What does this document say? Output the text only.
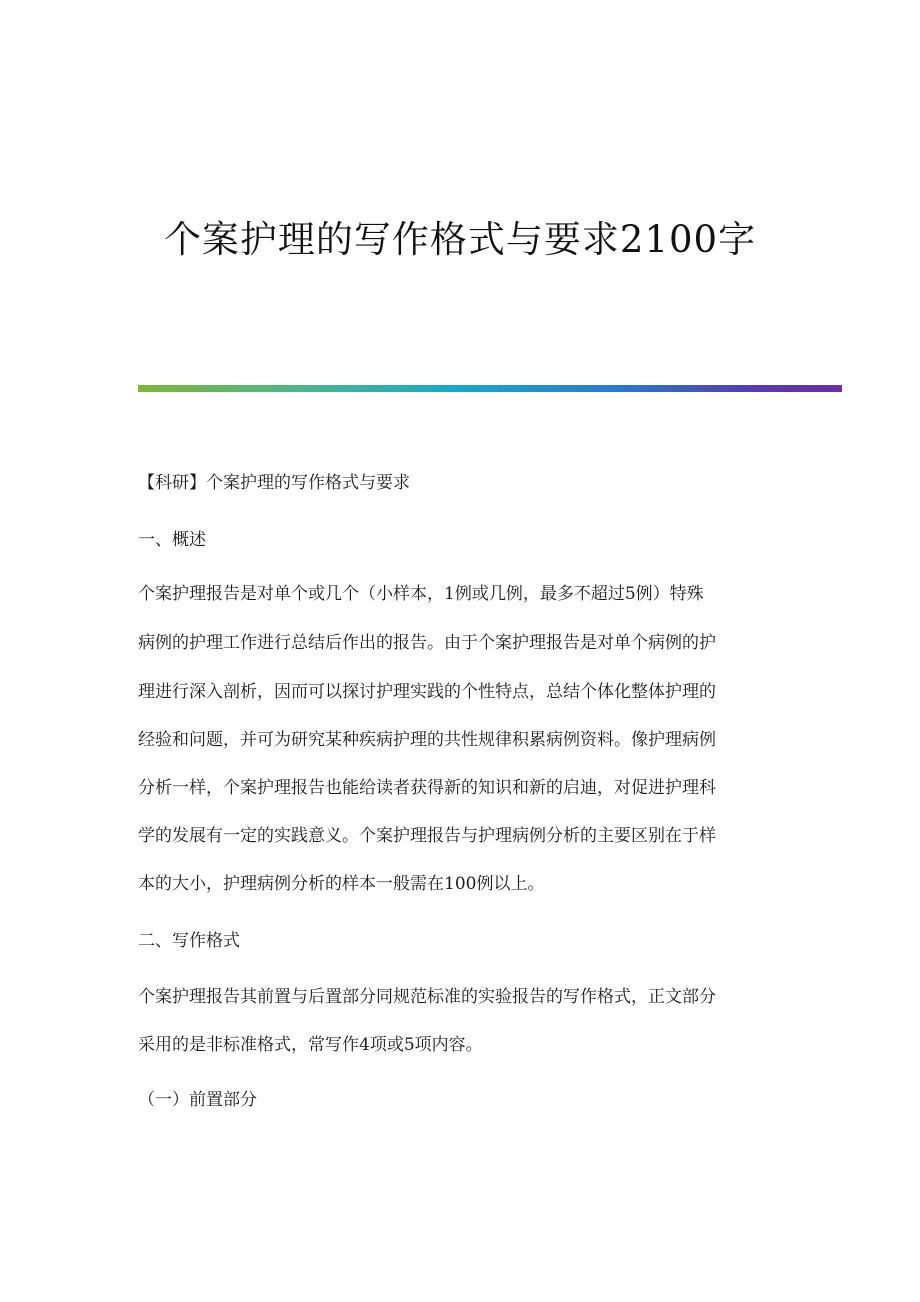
个案护理的写作格式与要求2100字
【科研】个案护理的写作格式与要求
一、概述
个案护理报告是对单个或几个（小样本，1例或几例，最多不超过5例）特殊
病例的护理工作进行总结后作出的报告。由于个案护理报告是对单个病例的护
理进行深入剖析，因而可以探讨护理实践的个性特点，总结个体化整体护理的
经验和问题，并可为研究某种疾病护理的共性规律积累病例资料。像护理病例
分析一样，个案护理报告也能给读者获得新的知识和新的启迪，对促进护理科
学的发展有一定的实践意义。个案护理报告与护理病例分析的主要区别在于样
本的大小，护理病例分析的样本一般需在100例以上。
二、写作格式
个案护理报告其前置与后置部分同规范标准的实验报告的写作格式，正文部分
采用的是非标准格式，常写作4项或5项内容。
（一）前置部分
